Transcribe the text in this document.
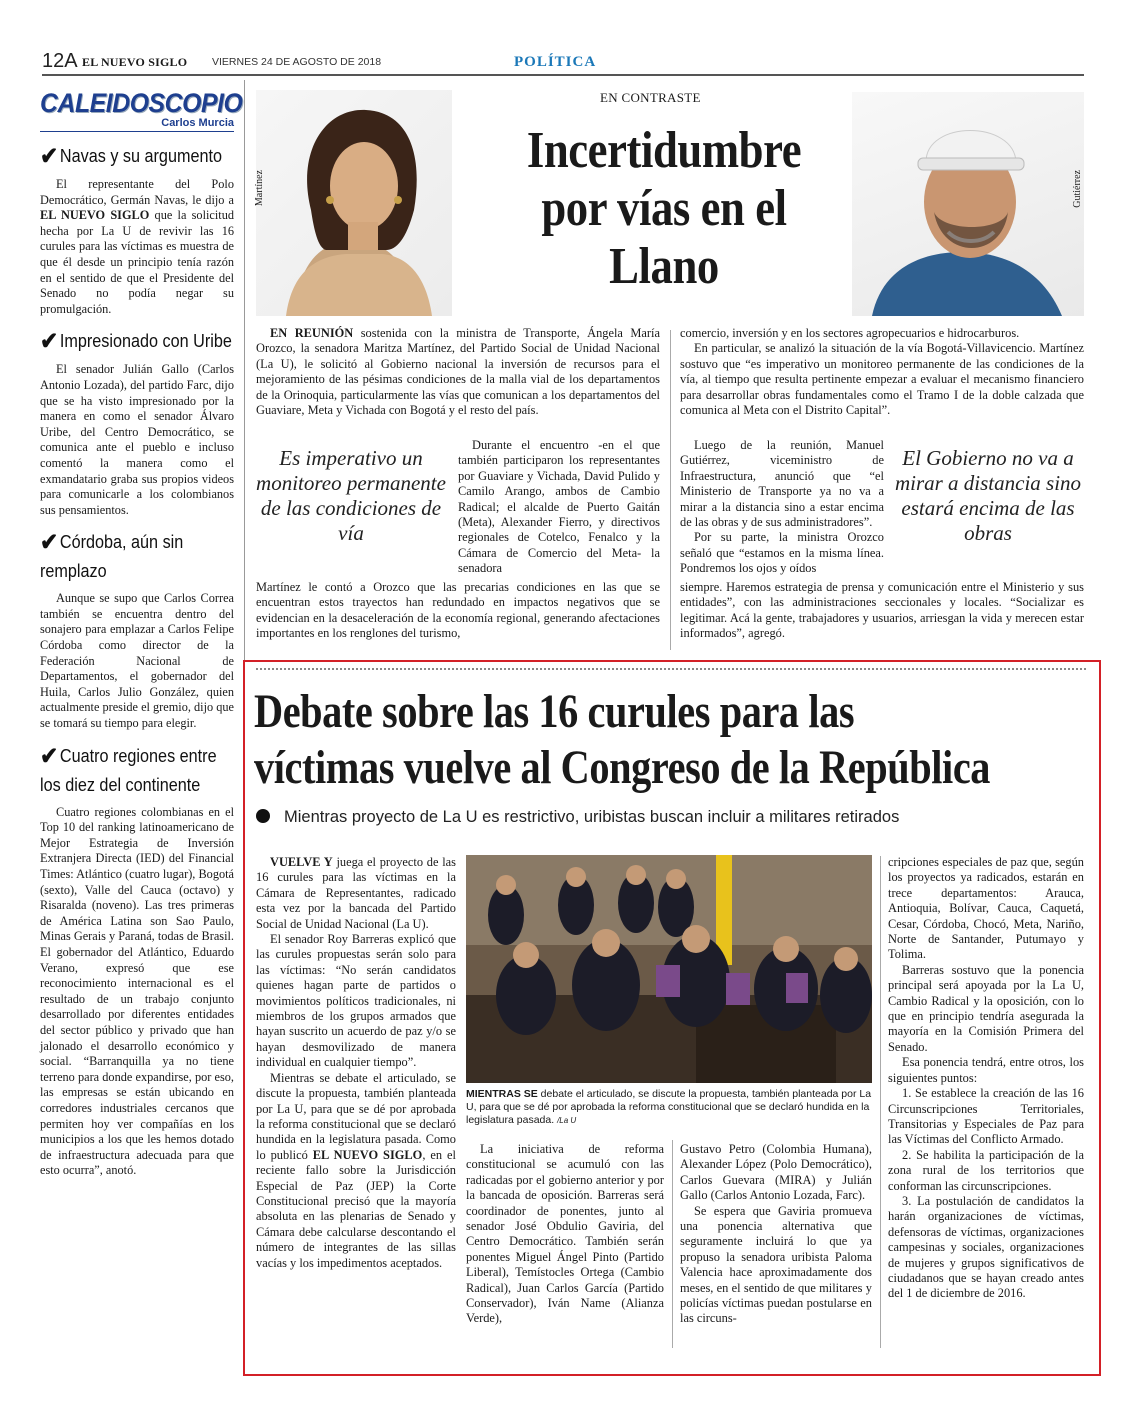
12A EL NUEVO SIGLO VIERNES 24 DE AGOSTO DE 2018	POLÍTICA
CALEIDOSCOPIO
Carlos Murcia
✔ Navas y su argumento

El representante del Polo Democrático, Germán Navas, le dijo a EL NUEVO SIGLO que la solicitud hecha por La U de revivir las 16 curules para las víctimas es muestra de que él desde un principio tenía razón en el sentido de que el Presidente del Senado no podía negar su promulgación.

✔ Impresionado con Uribe

El senador Julián Gallo (Carlos Antonio Lozada), del partido Farc, dijo que se ha visto impresionado por la manera en como el senador Álvaro Uribe, del Centro Democrático, se comunica ante el pueblo e incluso comentó la manera como el exmandatario graba sus propios videos para comunicarle a los colombianos sus pensamientos.

✔ Córdoba, aún sin remplazo

Aunque se supo que Carlos Correa también se encuentra dentro del sonajero para emplazar a Carlos Felipe Córdoba como director de la Federación Nacional de Departamentos, el gobernador del Huila, Carlos Julio González, quien actualmente preside el gremio, dijo que se tomará su tiempo para elegir.

✔ Cuatro regiones entre los diez del continente

Cuatro regiones colombianas en el Top 10 del ranking latinoamericano de Mejor Estrategia de Inversión Extranjera Directa (IED) del Financial Times: Atlántico (cuatro lugar), Bogotá (sexto), Valle del Cauca (octavo) y Risaralda (noveno). Las tres primeras de América Latina son Sao Paulo, Minas Gerais y Paraná, todas de Brasil. El gobernador del Atlántico, Eduardo Verano, expresó que ese reconocimiento internacional es el resultado de un trabajo conjunto desarrollado por diferentes entidades del sector público y privado que han jalonado el desarrollo económico y social. “Barranquilla ya no tiene terreno para donde expandirse, por eso, las empresas se están ubicando en corredores industriales cercanos que permiten hoy ver compañías en los municipios a los que les hemos dotado de infraestructura adecuada para que esto ocurra”, anotó.

Martínez
EN CONTRASTE
Incertidumbre por vías en el Llano
Gutiérrez

EN REUNIÓN sostenida con la ministra de Transporte, Ángela María Orozco, la senadora Maritza Martínez, del Partido Social de Unidad Nacional (La U), le solicitó al Gobierno nacional la inversión de recursos para el mejoramiento de las pésimas condiciones de la malla vial de los departamentos de la Orinoquia, particularmente las vías que comunican a los departamentos del Guaviare, Meta y Vichada con Bogotá y el resto del país.

Es imperativo un monitoreo permanente de las condiciones de vía

Durante el encuentro -en el que también participaron los representantes por Guaviare y Vichada, David Pulido y Camilo Arango, ambos de Cambio Radical; el alcalde de Puerto Gaitán (Meta), Alexander Fierro, y directivos regionales de Cotelco, Fenalco y la Cámara de Comercio del Meta- la senadora

Martínez le contó a Orozco que las precarias condiciones en las que se encuentran estos trayectos han redundado en impactos negativos que se evidencian en la desaceleración de la economía regional, generando afectaciones importantes en los renglones del turismo,

comercio, inversión y en los sectores agropecuarios e hidrocarburos.

En particular, se analizó la situación de la vía Bogotá-Villavicencio. Martínez sostuvo que “es imperativo un monitoreo permanente de las condiciones de la vía, al tiempo que resulta pertinente empezar a evaluar el mecanismo financiero para desarrollar obras fundamentales como el Tramo I de la doble calzada que comunica al Meta con el Distrito Capital”.

Luego de la reunión, Manuel Gutiérrez, viceministro de Infraestructura, anunció que “el Ministerio de Transporte ya no va a mirar a la distancia sino a estar encima de las obras y de sus administradores”.

Por su parte, la ministra Orozco señaló que “estamos en la misma línea. Pondremos los ojos y oídos

El Gobierno no va a mirar a distancia sino estará encima de las obras

siempre. Haremos estrategia de prensa y comunicación entre el Ministerio y sus entidades”, con las administraciones seccionales y locales. “Socializar es legitimar. Acá la gente, trabajadores y usuarios, arriesgan la vida y merecen estar informados”, agregó.

Debate sobre las 16 curules para las
víctimas vuelve al Congreso de la República
Mientras proyecto de La U es restrictivo, uribistas buscan incluir a militares retirados

VUELVE Y juega el proyecto de las 16 curules para las víctimas en la Cámara de Representantes, radicado esta vez por la bancada del Partido Social de Unidad Nacional (La U).

El senador Roy Barreras explicó que las curules propuestas serán solo para las víctimas: “No serán candidatos quienes hagan parte de partidos o movimientos políticos tradicionales, ni miembros de los grupos armados que hayan suscrito un acuerdo de paz y/o se hayan desmovilizado de manera individual en cualquier tiempo”.

Mientras se debate el articulado, se discute la propuesta, también planteada por La U, para que se dé por aprobada la reforma constitucional que se declaró hundida en la legislatura pasada. Como lo publicó EL NUEVO SIGLO, en el reciente fallo sobre la Jurisdicción Especial de Paz (JEP) la Corte Constitucional precisó que la mayoría absoluta en las plenarias de Senado y Cámara debe calcularse descontando el número de integrantes de las sillas vacías y los impedimentos aceptados.

MIENTRAS SE debate el articulado, se discute la propuesta, también planteada por La U, para que se dé por aprobada la reforma constitucional que se declaró hundida en la legislatura pasada. /La U

La iniciativa de reforma constitucional se acumuló con las radicadas por el gobierno anterior y por la bancada de oposición. Barreras será coordinador de ponentes, junto al senador José Obdulio Gaviria, del Centro Democrático. También serán ponentes Miguel Ángel Pinto (Partido Liberal), Temístocles Ortega (Cambio Radical), Juan Carlos García (Partido Conservador), Iván Name (Alianza Verde),

Gustavo Petro (Colombia Humana), Alexander López (Polo Democrático), Carlos Guevara (MIRA) y Julián Gallo (Carlos Antonio Lozada, Farc).

Se espera que Gaviria promueva una ponencia alternativa que seguramente incluirá lo que ya propuso la senadora uribista Paloma Valencia hace aproximadamente dos meses, en el sentido de que militares y policías víctimas puedan postularse en las circuns-

cripciones especiales de paz que, según los proyectos ya radicados, estarán en trece departamentos: Arauca, Antioquia, Bolívar, Cauca, Caquetá, Cesar, Córdoba, Chocó, Meta, Nariño, Norte de Santander, Putumayo y Tolima.

Barreras sostuvo que la ponencia principal será apoyada por la La U, Cambio Radical y la oposición, con lo que en principio tendría asegurada la mayoría en la Comisión Primera del Senado.

Esa ponencia tendrá, entre otros, los siguientes puntos:

1. Se establece la creación de las 16 Circunscripciones Territoriales, Transitorias y Especiales de Paz para las Víctimas del Conflicto Armado.

2. Se habilita la participación de la zona rural de los territorios que conforman las circunscripciones.

3. La postulación de candidatos la harán organizaciones de víctimas, defensoras de víctimas, organizaciones campesinas y sociales, organizaciones de mujeres y grupos significativos de ciudadanos que se hayan creado antes del 1 de diciembre de 2016.
